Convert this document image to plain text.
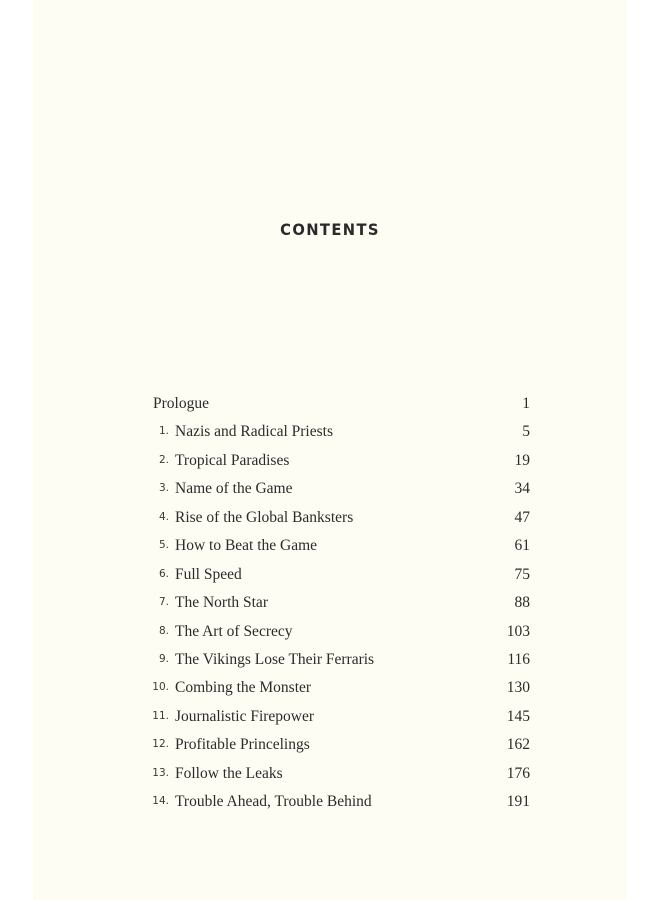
CONTENTS
Prologue	1
1. Nazis and Radical Priests	5
2. Tropical Paradises	19
3. Name of the Game	34
4. Rise of the Global Banksters	47
5. How to Beat the Game	61
6. Full Speed	75
7. The North Star	88
8. The Art of Secrecy	103
9. The Vikings Lose Their Ferraris	116
10. Combing the Monster	130
11. Journalistic Firepower	145
12. Profitable Princelings	162
13. Follow the Leaks	176
14. Trouble Ahead, Trouble Behind	191
